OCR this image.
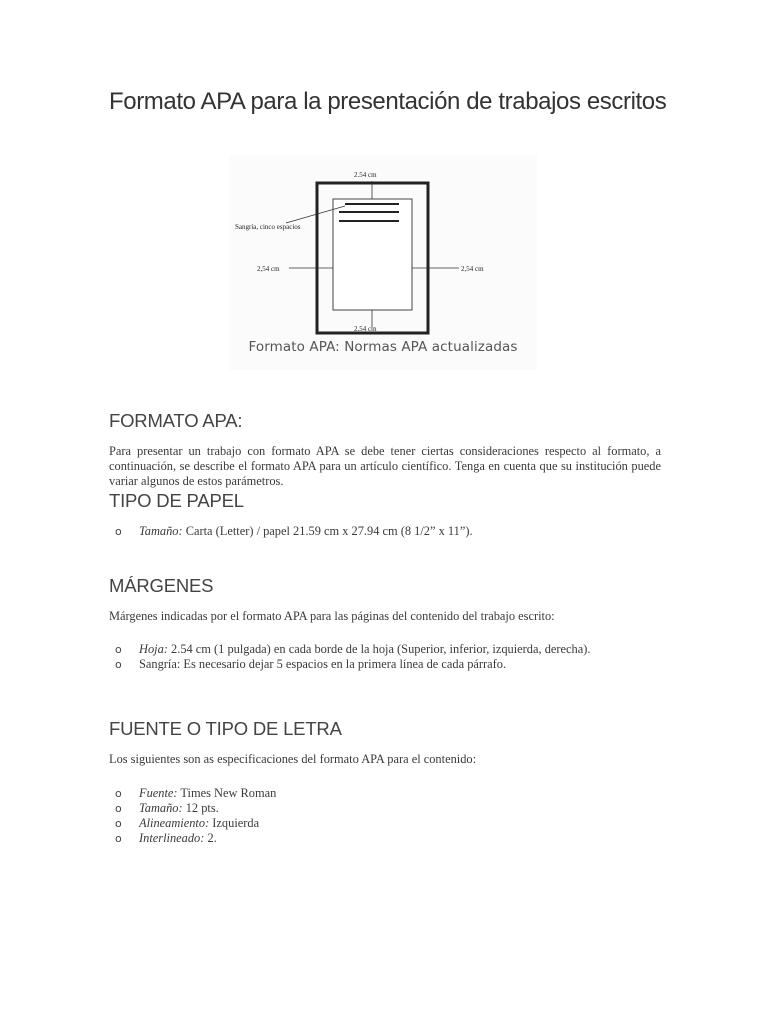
Formato APA para la presentación de trabajos escritos
2.54 cm
2,54 cm	2,54 cm
2.54 cm
Sangría, cinco espacios
Formato APA: Normas APA actualizadas
FORMATO APA:

Para presentar un trabajo con formato APA se debe tener ciertas consideraciones respecto al formato, a continuación, se describe el formato APA para un artículo científico. Tenga en cuenta que su institución puede variar algunos de estos parámetros.

TIPO DE PAPEL
o Tamaño: Carta (Letter) / papel 21.59 cm x 27.94 cm (8 1/2” x 11”).
MÁRGENES

Márgenes indicadas por el formato APA para las páginas del contenido del trabajo escrito:

o Hoja: 2.54 cm (1 pulgada) en cada borde de la hoja (Superior, inferior, izquierda, derecha).
o Sangría: Es necesario dejar 5 espacios en la primera línea de cada párrafo.
FUENTE O TIPO DE LETRA

Los siguientes son as especificaciones del formato APA para el contenido:

o Fuente: Times New Roman
o Tamaño: 12 pts.
o Alineamiento: Izquierda
o Interlineado: 2.
